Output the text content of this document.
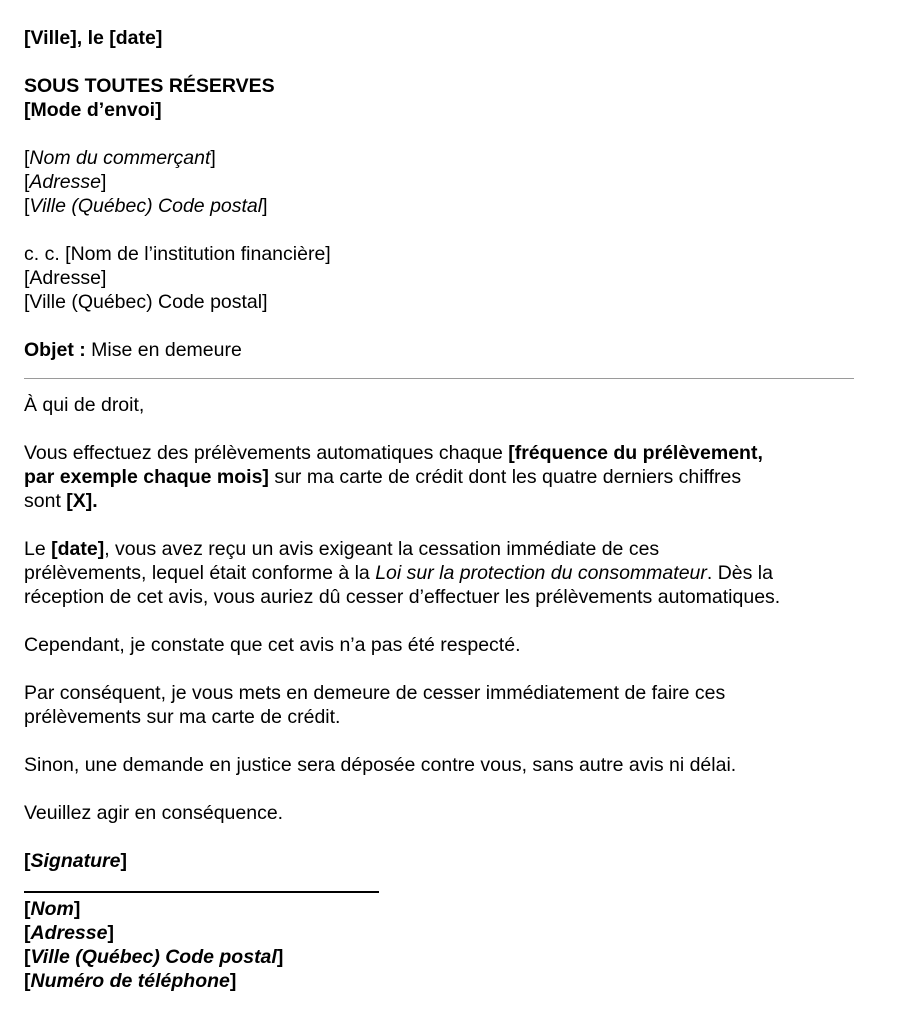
[Ville], le [date]
SOUS TOUTES RÉSERVES
[Mode d’envoi]
[Nom du commerçant]
[Adresse]
[Ville (Québec) Code postal]
c. c. [Nom de l’institution financière]
[Adresse]
[Ville (Québec) Code postal]
Objet : Mise en demeure
À qui de droit,

Vous effectuez des prélèvements automatiques chaque [fréquence du prélèvement,
par exemple chaque mois] sur ma carte de crédit dont les quatre derniers chiffres
sont [X].

Le [date], vous avez reçu un avis exigeant la cessation immédiate de ces
prélèvements, lequel était conforme à la Loi sur la protection du consommateur. Dès la
réception de cet avis, vous auriez dû cesser d’effectuer les prélèvements automatiques.

Cependant, je constate que cet avis n’a pas été respecté.

Par conséquent, je vous mets en demeure de cesser immédiatement de faire ces
prélèvements sur ma carte de crédit.

Sinon, une demande en justice sera déposée contre vous, sans autre avis ni délai.
Veuillez agir en conséquence.
[Signature]
[Nom]
[Adresse]
[Ville (Québec) Code postal]
[Numéro de téléphone]
